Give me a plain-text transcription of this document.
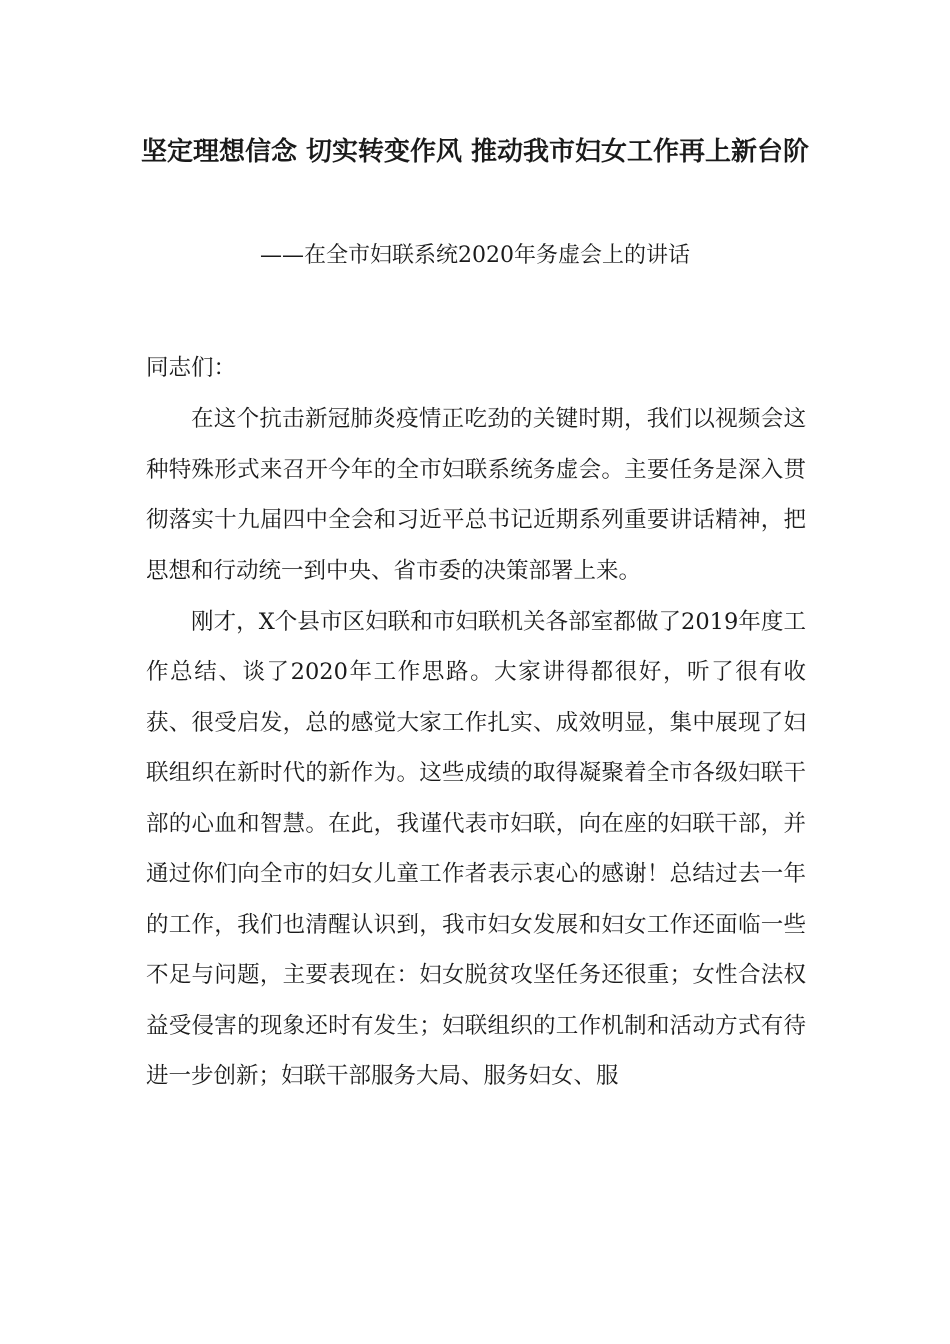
坚定理想信念 切实转变作风 推动我市妇女工作再上新台阶
——在全市妇联系统2020年务虚会上的讲话

同志们：

在这个抗击新冠肺炎疫情正吃劲的关键时期，我们以视频会这种特殊形式来召开今年的全市妇联系统务虚会。主要任务是深入贯彻落实十九届四中全会和习近平总书记近期系列重要讲话精神，把思想和行动统一到中央、省市委的决策部署上来。

刚才，X个县市区妇联和市妇联机关各部室都做了2019年度工作总结、谈了2020年工作思路。大家讲得都很好，听了很有收获、很受启发，总的感觉大家工作扎实、成效明显，集中展现了妇联组织在新时代的新作为。这些成绩的取得凝聚着全市各级妇联干部的心血和智慧。在此，我谨代表市妇联，向在座的妇联干部，并通过你们向全市的妇女儿童工作者表示衷心的感谢！总结过去一年的工作，我们也清醒认识到，我市妇女发展和妇女工作还面临一些不足与问题，主要表现在：妇女脱贫攻坚任务还很重；女性合法权益受侵害的现象还时有发生；妇联组织的工作机制和活动方式有待进一步创新；妇联干部服务大局、服务妇女、服
